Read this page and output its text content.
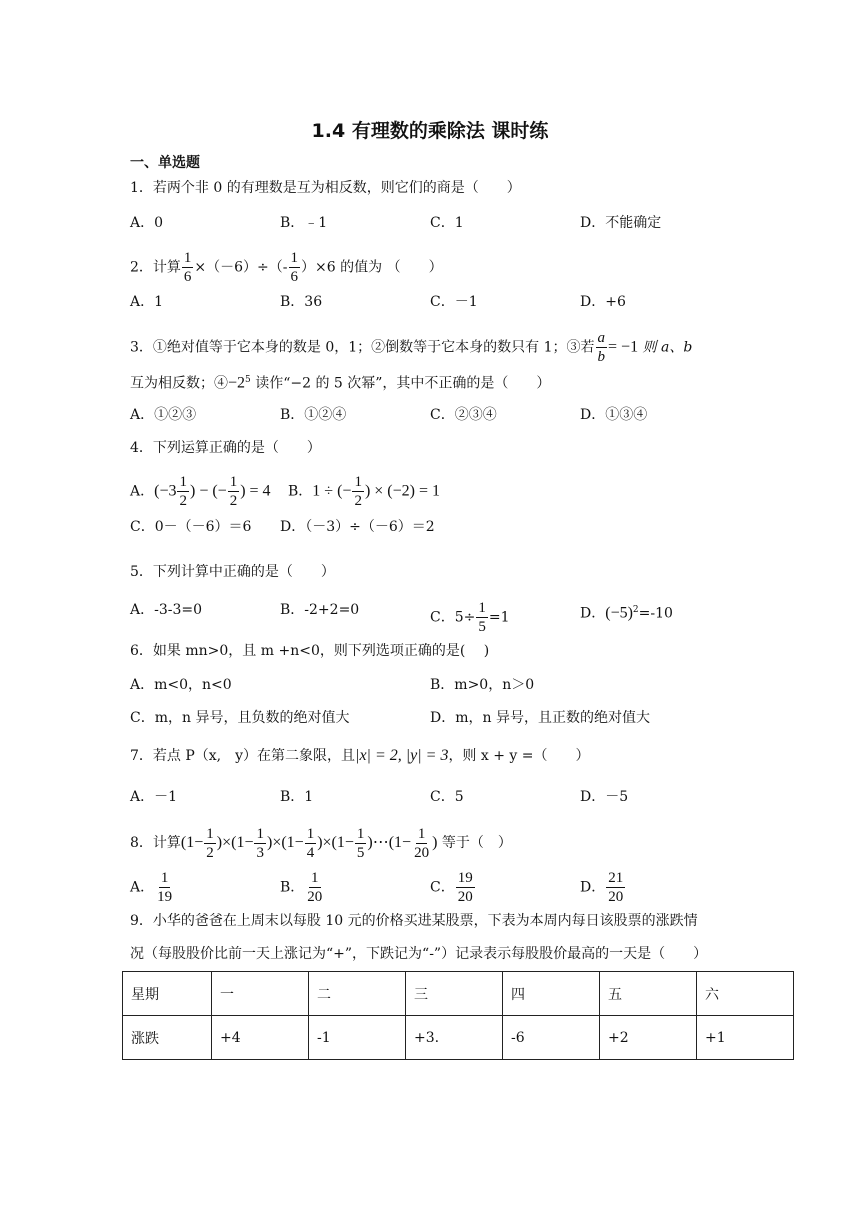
1.4 有理数的乘除法 课时练
一、单选题
1．若两个非 0 的有理数是互为相反数，则它们的商是（　　）
A．0	B．﹣1	C．1	D．不能确定
2．计算 $\frac{1}{6} \times(-6)\div(- \frac{1}{6} )\times 6$ 的值为 （　　）
A．1	B．36	C．－1	D．+6
3．①绝对值等于它本身的数是 0，1；②倒数等于它本身的数只有 1；③若 $\frac{a}{b} = -1$ 则 a、b
互为相反数；$④-2^5$ 读作“−2 的 5 次幂”，其中不正确的是（　　）
A．①②③	B．①②④	C．②③④	D．①③④
4．下列运算正确的是（　　）
A．($-3 \frac{1}{2}$ ) − (− $\frac{1}{2}$ ) = 4 B．1 ÷ (− $\frac{1}{2}$ ) × (−2) = 1
C．0－（－6）＝6 D．（－3）÷（－6）＝2
5．下列计算中正确的是（　　）
A．-3-3=0	B．-2+2=0	C．$5\div \frac{1}{5} =1$	D．$(-5)^2=-10$
6．如果 mn>0，且 m +n<0，则下列选项正确的是(　 )
A．m<0，n<0	B．m>0，n＞0
C．m，n 异号，且负数的绝对值大	D．m，n 异号，且正数的绝对值大
7．若点 P（x,　y）在第二象限，且|x| = 2, |y| = 3，则 x + y =（　　）
A．－1	B．1	C．5	D．－5
8．计算$(1- \frac{1}{2} )\times(1- \frac{1}{3} )\times(1- \frac{1}{4} )\times(1- \frac{1}{5}$ )⋯(1− $\frac{1}{20}$ ) 等于（　）
A． $\frac{1}{19}$	B． $\frac{1}{20}$	C． $\frac{19}{20}$	D． $\frac{21}{20}$
9．小华的爸爸在上周末以每股 10 元的价格买进某股票，下表为本周内每日该股票的涨跌情
况（每股股价比前一天上涨记为“+”，下跌记为“-”）记录表示每股股价最高的一天是（　　）
星期	一	二	三	四	五	六
涨跌	+4	-1	+3.	-6	+2	+1
